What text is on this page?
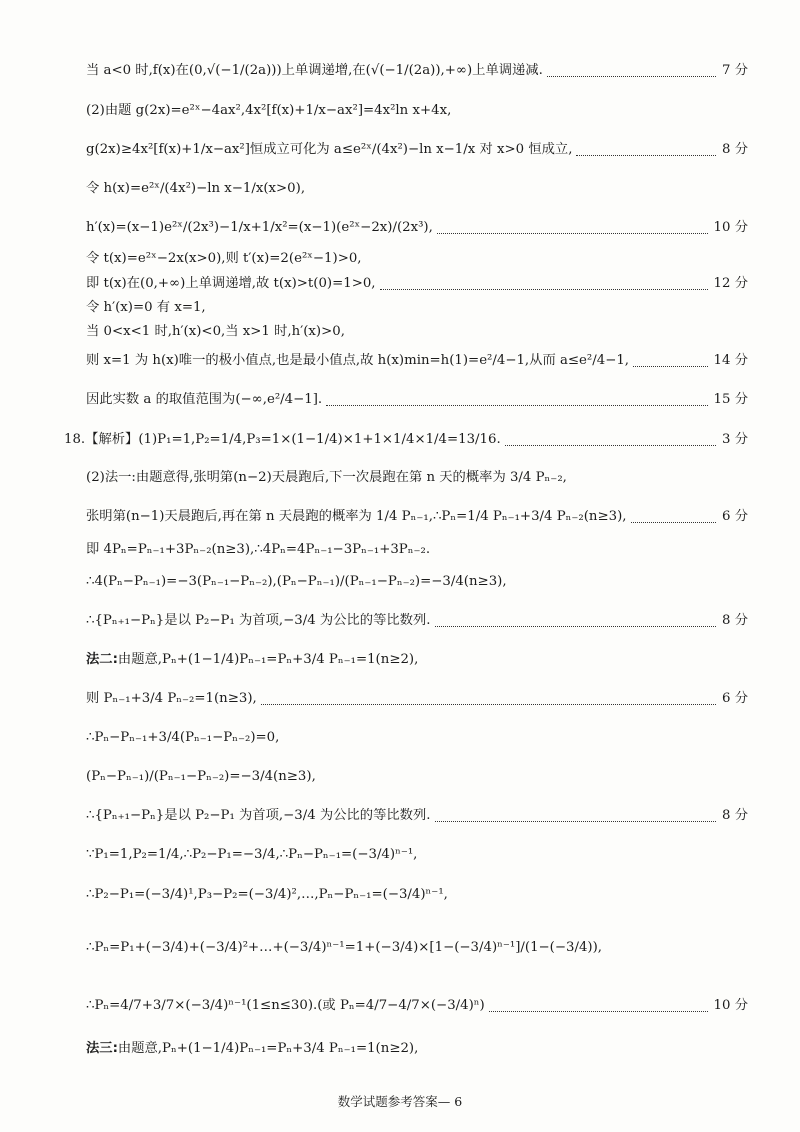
当 a<0 时,f(x)在(0,√(−1/(2a)))上单调递增,在(√(−1/(2a)),+∞)上单调递减.	7 分
(2)由题 g(2x)=e²ˣ−4ax²,4x²[f(x)+1/x−ax²]=4x²ln x+4x,
g(2x)≥4x²[f(x)+1/x−ax²]恒成立可化为 a≤e²ˣ/(4x²)−ln x−1/x 对 x>0 恒成立,	8 分
令 h(x)=e²ˣ/(4x²)−ln x−1/x(x>0),
h′(x)=(x−1)e²ˣ/(2x³)−1/x+1/x²=(x−1)(e²ˣ−2x)/(2x³),	10 分
令 t(x)=e²ˣ−2x(x>0),则 t′(x)=2(e²ˣ−1)>0,
即 t(x)在(0,+∞)上单调递增,故 t(x)>t(0)=1>0,	12 分
令 h′(x)=0 有 x=1,
当 0<x<1 时,h′(x)<0,当 x>1 时,h′(x)>0,
则 x=1 为 h(x)唯一的极小值点,也是最小值点,故 h(x)min=h(1)=e²/4−1,从而 a≤e²/4−1,	14 分
因此实数 a 的取值范围为(−∞,e²/4−1].	15 分
18.【解析】(1)P₁=1,P₂=1/4,P₃=1×(1−1/4)×1+1×1/4×1/4=13/16.	3 分
(2)法一:由题意得,张明第(n−2)天晨跑后,下一次晨跑在第 n 天的概率为 3/4 Pₙ₋₂,
张明第(n−1)天晨跑后,再在第 n 天晨跑的概率为 1/4 Pₙ₋₁,∴Pₙ=1/4 Pₙ₋₁+3/4 Pₙ₋₂(n≥3),	6 分
即 4Pₙ=Pₙ₋₁+3Pₙ₋₂(n≥3),∴4Pₙ=4Pₙ₋₁−3Pₙ₋₁+3Pₙ₋₂.
∴4(Pₙ−Pₙ₋₁)=−3(Pₙ₋₁−Pₙ₋₂),(Pₙ−Pₙ₋₁)/(Pₙ₋₁−Pₙ₋₂)=−3/4(n≥3),
∴{Pₙ₊₁−Pₙ}是以 P₂−P₁ 为首项,−3/4 为公比的等比数列.	8 分
法二:由题意,Pₙ+(1−1/4)Pₙ₋₁=Pₙ+3/4 Pₙ₋₁=1(n≥2),
则 Pₙ₋₁+3/4 Pₙ₋₂=1(n≥3),	6 分
∴Pₙ−Pₙ₋₁+3/4(Pₙ₋₁−Pₙ₋₂)=0,
(Pₙ−Pₙ₋₁)/(Pₙ₋₁−Pₙ₋₂)=−3/4(n≥3),
∴{Pₙ₊₁−Pₙ}是以 P₂−P₁ 为首项,−3/4 为公比的等比数列.	8 分
∵P₁=1,P₂=1/4,∴P₂−P₁=−3/4,∴Pₙ−Pₙ₋₁=(−3/4)ⁿ⁻¹,
∴P₂−P₁=(−3/4)¹,P₃−P₂=(−3/4)²,…,Pₙ−Pₙ₋₁=(−3/4)ⁿ⁻¹,
∴Pₙ=P₁+(−3/4)+(−3/4)²+…+(−3/4)ⁿ⁻¹=1+(−3/4)×[1−(−3/4)ⁿ⁻¹]/(1−(−3/4)),
∴Pₙ=4/7+3/7×(−3/4)ⁿ⁻¹(1≤n≤30).(或 Pₙ=4/7−4/7×(−3/4)ⁿ)	10 分
法三:由题意,Pₙ+(1−1/4)Pₙ₋₁=Pₙ+3/4 Pₙ₋₁=1(n≥2),
数学试题参考答案— 6
